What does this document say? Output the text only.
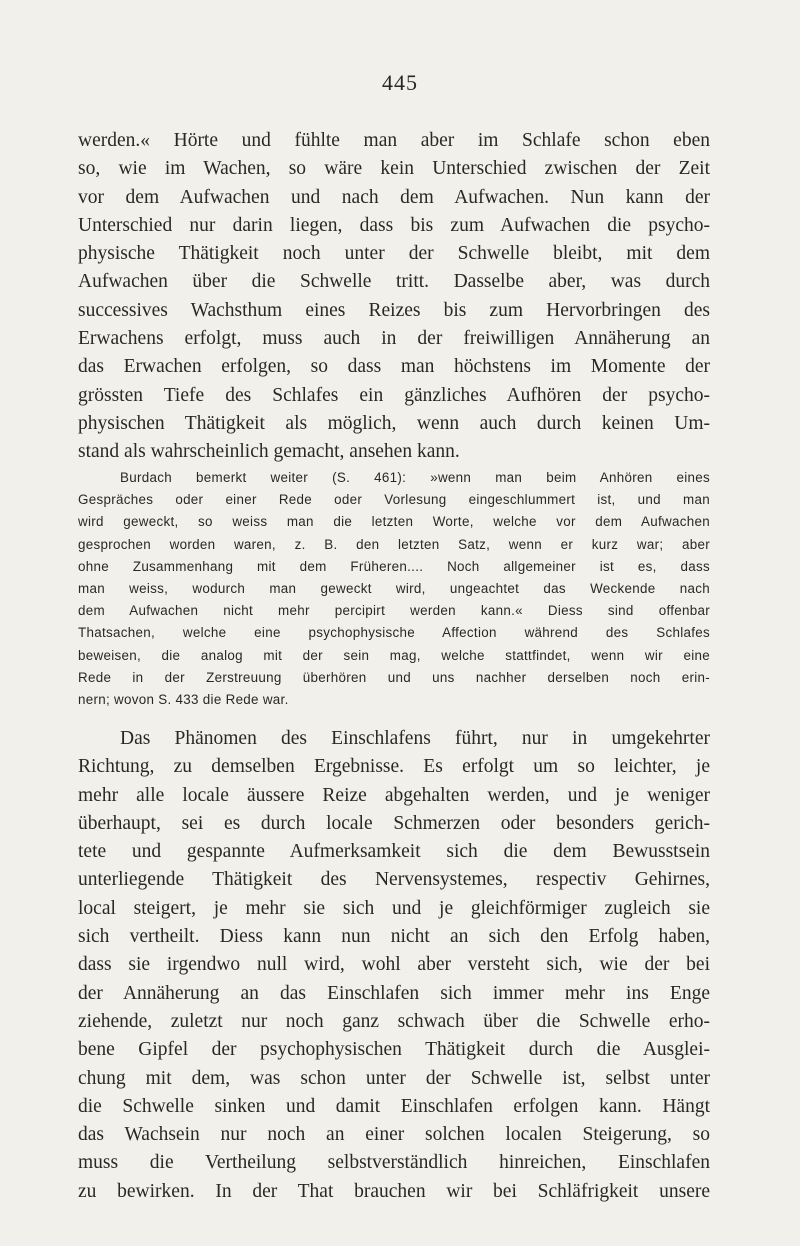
445
werden.« Hörte und fühlte man aber im Schlafe schon eben
so, wie im Wachen, so wäre kein Unterschied zwischen der Zeit
vor dem Aufwachen und nach dem Aufwachen. Nun kann der
Unterschied nur darin liegen, dass bis zum Aufwachen die psycho-
physische Thätigkeit noch unter der Schwelle bleibt, mit dem
Aufwachen über die Schwelle tritt. Dasselbe aber, was durch
successives Wachsthum eines Reizes bis zum Hervorbringen des
Erwachens erfolgt, muss auch in der freiwilligen Annäherung an
das Erwachen erfolgen, so dass man höchstens im Momente der
grössten Tiefe des Schlafes ein gänzliches Aufhören der psycho-
physischen Thätigkeit als möglich, wenn auch durch keinen Um-
stand als wahrscheinlich gemacht, ansehen kann.
Burdach bemerkt weiter (S. 461): »wenn man beim Anhören eines
Gespräches oder einer Rede oder Vorlesung eingeschlummert ist, und man
wird geweckt, so weiss man die letzten Worte, welche vor dem Aufwachen
gesprochen worden waren, z. B. den letzten Satz, wenn er kurz war; aber
ohne Zusammenhang mit dem Früheren.... Noch allgemeiner ist es, dass
man weiss, wodurch man geweckt wird, ungeachtet das Weckende nach
dem Aufwachen nicht mehr percipirt werden kann.« Diess sind offenbar
Thatsachen, welche eine psychophysische Affection während des Schlafes
beweisen, die analog mit der sein mag, welche stattfindet, wenn wir eine
Rede in der Zerstreuung überhören und uns nachher derselben noch erin-
nern; wovon S. 433 die Rede war.
Das Phänomen des Einschlafens führt, nur in umgekehrter
Richtung, zu demselben Ergebnisse. Es erfolgt um so leichter, je
mehr alle locale äussere Reize abgehalten werden, und je weniger
überhaupt, sei es durch locale Schmerzen oder besonders gerich-
tete und gespannte Aufmerksamkeit sich die dem Bewusstsein
unterliegende Thätigkeit des Nervensystemes, respectiv Gehirnes,
local steigert, je mehr sie sich und je gleichförmiger zugleich sie
sich vertheilt. Diess kann nun nicht an sich den Erfolg haben,
dass sie irgendwo null wird, wohl aber versteht sich, wie der bei
der Annäherung an das Einschlafen sich immer mehr ins Enge
ziehende, zuletzt nur noch ganz schwach über die Schwelle erho-
bene Gipfel der psychophysischen Thätigkeit durch die Ausglei-
chung mit dem, was schon unter der Schwelle ist, selbst unter
die Schwelle sinken und damit Einschlafen erfolgen kann. Hängt
das Wachsein nur noch an einer solchen localen Steigerung, so
muss die Vertheilung selbstverständlich hinreichen, Einschlafen
zu bewirken. In der That brauchen wir bei Schläfrigkeit unsere
